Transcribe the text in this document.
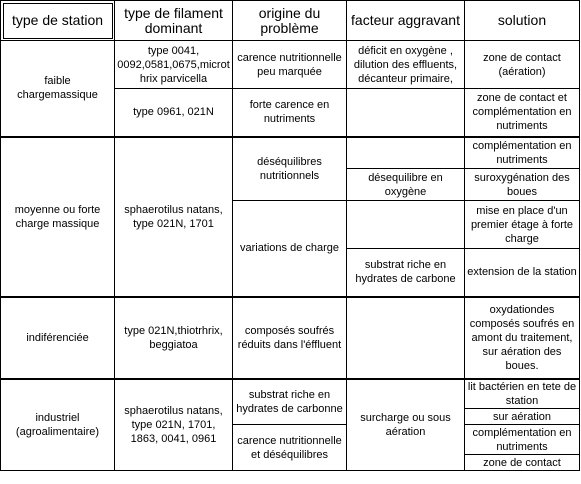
type de station	type de filament dominant	origine du problème	facteur aggravant	solution
faible chargemassique	type 0041, 0092,0581,0675,microthrix parvicella	carence nutritionnelle peu marquée	déficit en oxygène , dilution des effluents, décanteur primaire,	zone de contact (aération)
	type 0961, 021N	forte carence en nutriments		zone de contact et complémentation en nutriments
moyenne ou forte charge massique	sphaerotilus natans, type 021N, 1701	déséquilibres nutritionnels		complémentation en nutriments
			désequilibre en oxygène	suroxygénation des boues
		variations de charge		mise en place d'un premier étage à forte charge
			substrat riche en hydrates de carbone	extension de la station
indiférenciée	type 021N,thiotrhrix, beggiatoa	composés soufrés réduits dans l'éffluent		oxydationdes composés soufrés en amont du traitement, sur aération des boues.
industriel (agroalimentaire)	sphaerotilus natans, type 021N, 1701, 1863, 0041, 0961	substrat riche en hydrates de carbonne	surcharge ou sous aération	lit bactérien en tete de station
				sur aération
		carence nutritionnelle et déséquilibres		complémentation en nutriments
				zone de contact
